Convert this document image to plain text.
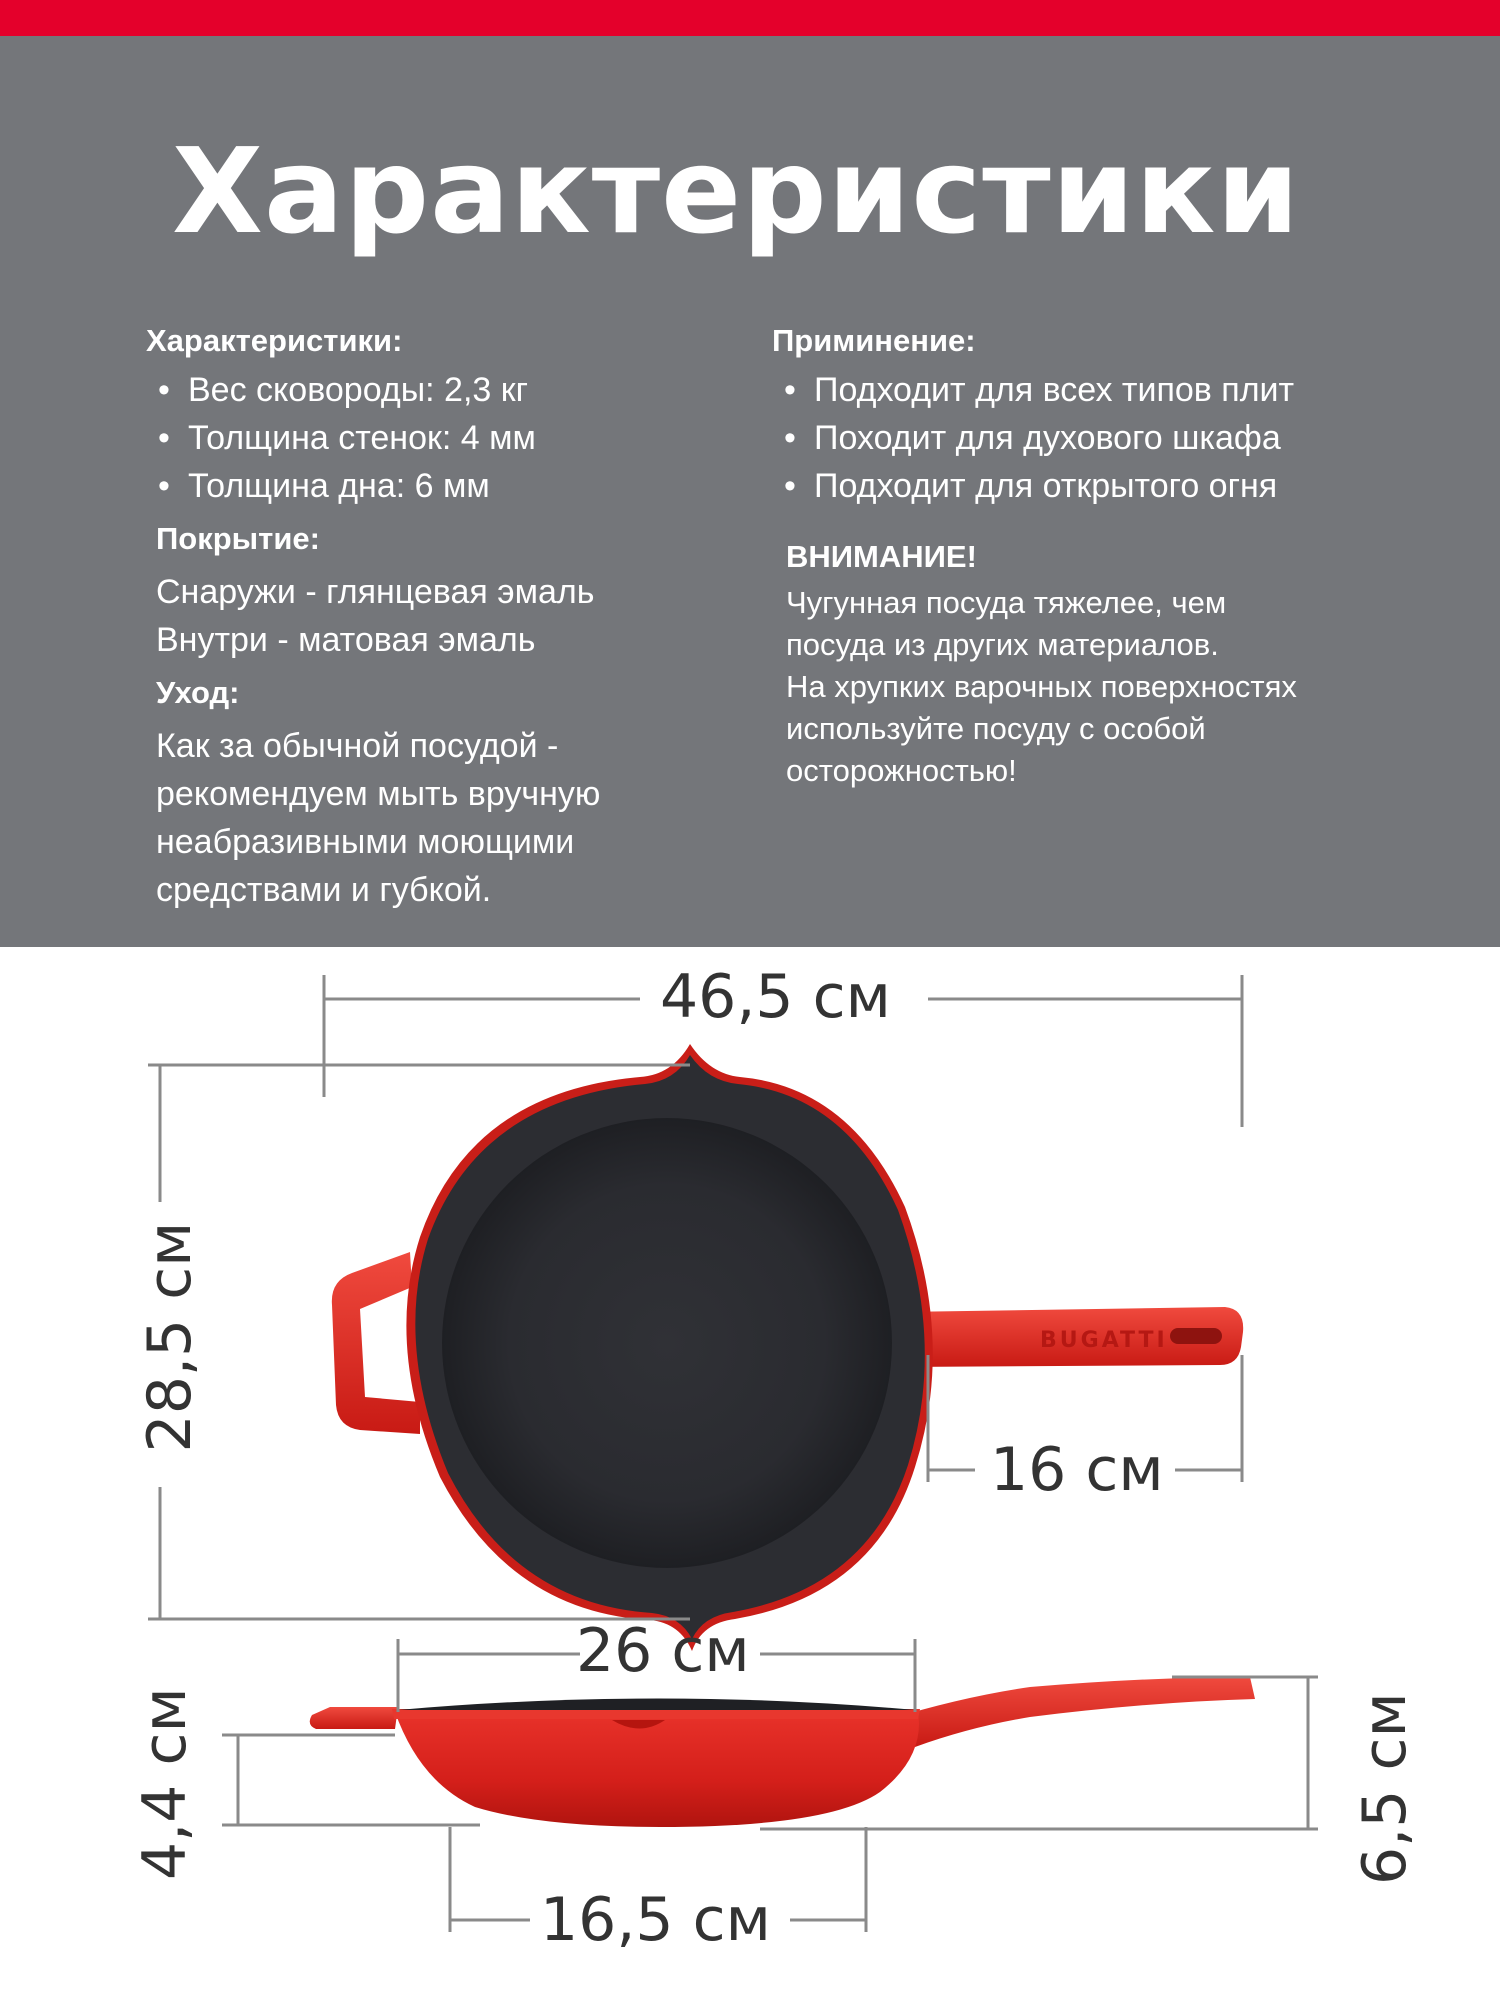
Характеристики
Характеристики:
• Вес сковороды: 2,3 кг
• Толщина стенок: 4 мм
• Толщина дна: 6 мм
Покрытие:
Снаружи - глянцевая эмаль
Внутри - матовая эмаль
Уход:
Как за обычной посудой -
рекомендуем мыть вручную
неабразивными моющими
средствами и губкой.
Приминение:
• Подходит для всех типов плит
• Походит для духового шкафа
• Подходит для открытого огня
ВНИМАНИЕ!
Чугунная посуда тяжелее, чем
посуда из других материалов.
На хрупких варочных поверхностях
используйте посуду с особой
осторожностью!
BUGATTI
46,5 см
28,5 см
16 см
26 см
4,4 см	6,5 см
16,5 см
